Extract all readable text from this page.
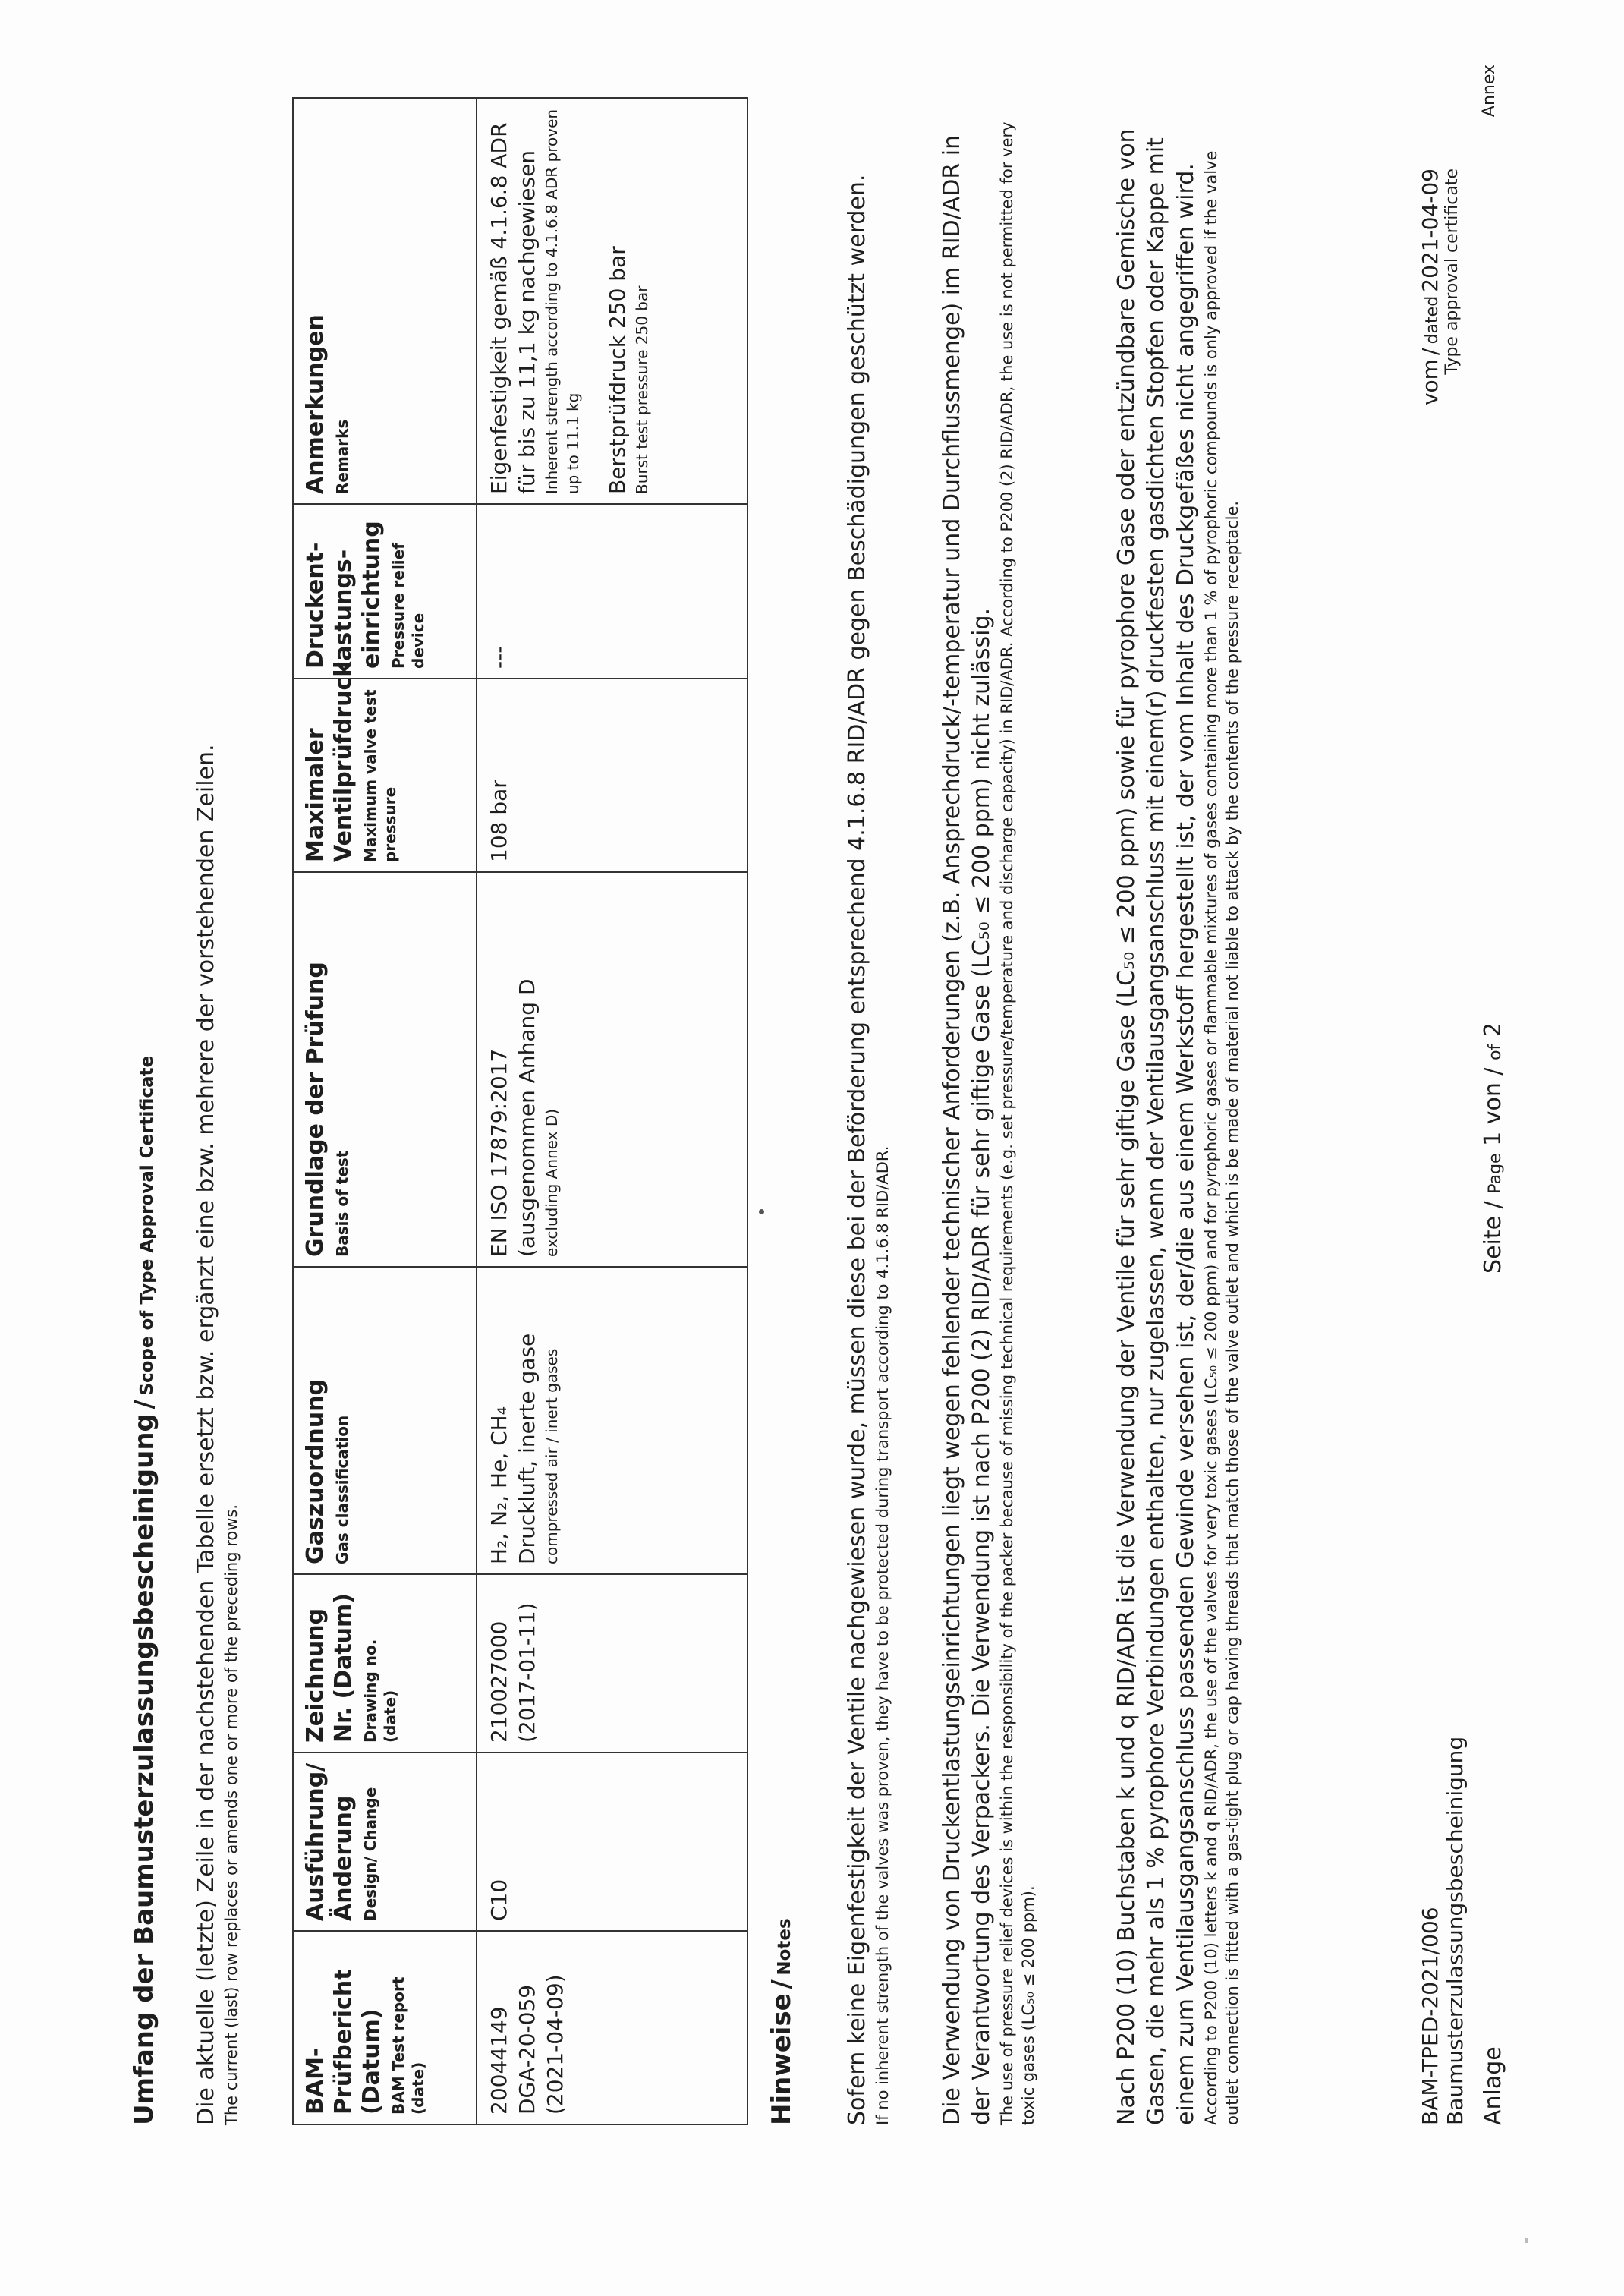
Umfang der Baumusterzulassungsbescheinigung / Scope of Type Approval Certificate Die aktuelle (letzte) Zeile in der nachstehenden Tabelle ersetzt bzw. ergänzt eine bzw. mehrere der vorstehenden Zeilen. The current (last) row replaces or amends one or more of the preceding rows.	BAM-Prüfbericht (Datum) BAM Test report (date)	Ausführung/ Änderung Design/ Change	Zeichnung Nr. (Datum) Drawing no. (date)	Gaszuordnung Gas classification	Grundlage der Prüfung Basis of test	Maximaler Ventilprüfdruck Maximum valve test pressure	Druckent- lastungs- einrichtung Pressure relief device	Anmerkungen Remarks

20044149 DGA-20-059 (2021-04-09)	C10	210027000 (2017-01-11)	H₂, N₂, He, CH₄ Druckluft, inerte gase compressed air / inert gases	EN ISO 17879:2017 (ausgenommen Anhang D excluding Annex D)	108 bar	---	Eigenfestigkeit gemäß 4.1.6.8 ADR für bis zu 11,1 kg nachgewiesen Inherent strength according to 4.1.6.8 ADR proven up to 11.1 kg Berstprüfdruck 250 bar Burst test pressure 250 bar
Hinweise / Notes Sofern keine Eigenfestigkeit der Ventile nachgewiesen wurde, müssen diese bei der Beförderung entsprechend 4.1.6.8 RID/ADR gegen Beschädigungen geschützt werden. If no inherent strength of the valves was proven, they have to be protected during transport according to 4.1.6.8 RID/ADR. Die Verwendung von Druckentlastungseinrichtungen liegt wegen fehlender technischer Anforderungen (z.B. Ansprechdruck/-temperatur und Durchflussmenge) im RID/ADR in der Verantwortung des Verpackers. Die Verwendung ist nach P200 (2) RID/ADR für sehr giftige Gase (LC₅₀ ≤ 200 ppm) nicht zulässig. The use of pressure relief devices is within the responsibility of the packer because of missing technical requirements (e.g. set pressure/temperature and discharge capacity) in RID/ADR. According to P200 (2) RID/ADR, the use is not permitted for very toxic gases (LC₅₀ ≤ 200 ppm).	Nach P200 (10) Buchstaben k und q RID/ADR ist die Verwendung der Ventile für sehr giftige Gase (LC₅₀ ≤ 200 ppm) sowie für pyrophore Gase oder entzündbare Gemische von Gasen, die mehr als 1 % pyrophore Verbindungen enthalten, nur zugelassen, wenn der Ventilausgangsanschluss mit einem(r) druckfesten gasdichten Stopfen oder Kappe mit einem zum Ventilausgangsanschluss passenden Gewinde versehen ist, der/die aus einem Werkstoff hergestellt ist, der vom Inhalt des Druckgefäßes nicht angegriffen wird. According to P200 (10) letters k and q RID/ADR, the use of the valves for very toxic gases (LC₅₀ ≤ 200 ppm) and for pyrophoric gases or flammable mixtures of gases containing more than 1 % of pyrophoric compounds is only approved if the valve outlet connection is fitted with a gas-tight plug or cap having threads that match those of the valve outlet and which is be made of material not liable to attack by the contents of the pressure receptacle.	BAM-TPED-2021/006 Baumusterzulassungsbescheinigung
vom / dated 2021-04-09 Type approval certificate
Anlage
Seite / Page 1 von / of 2
Annex
